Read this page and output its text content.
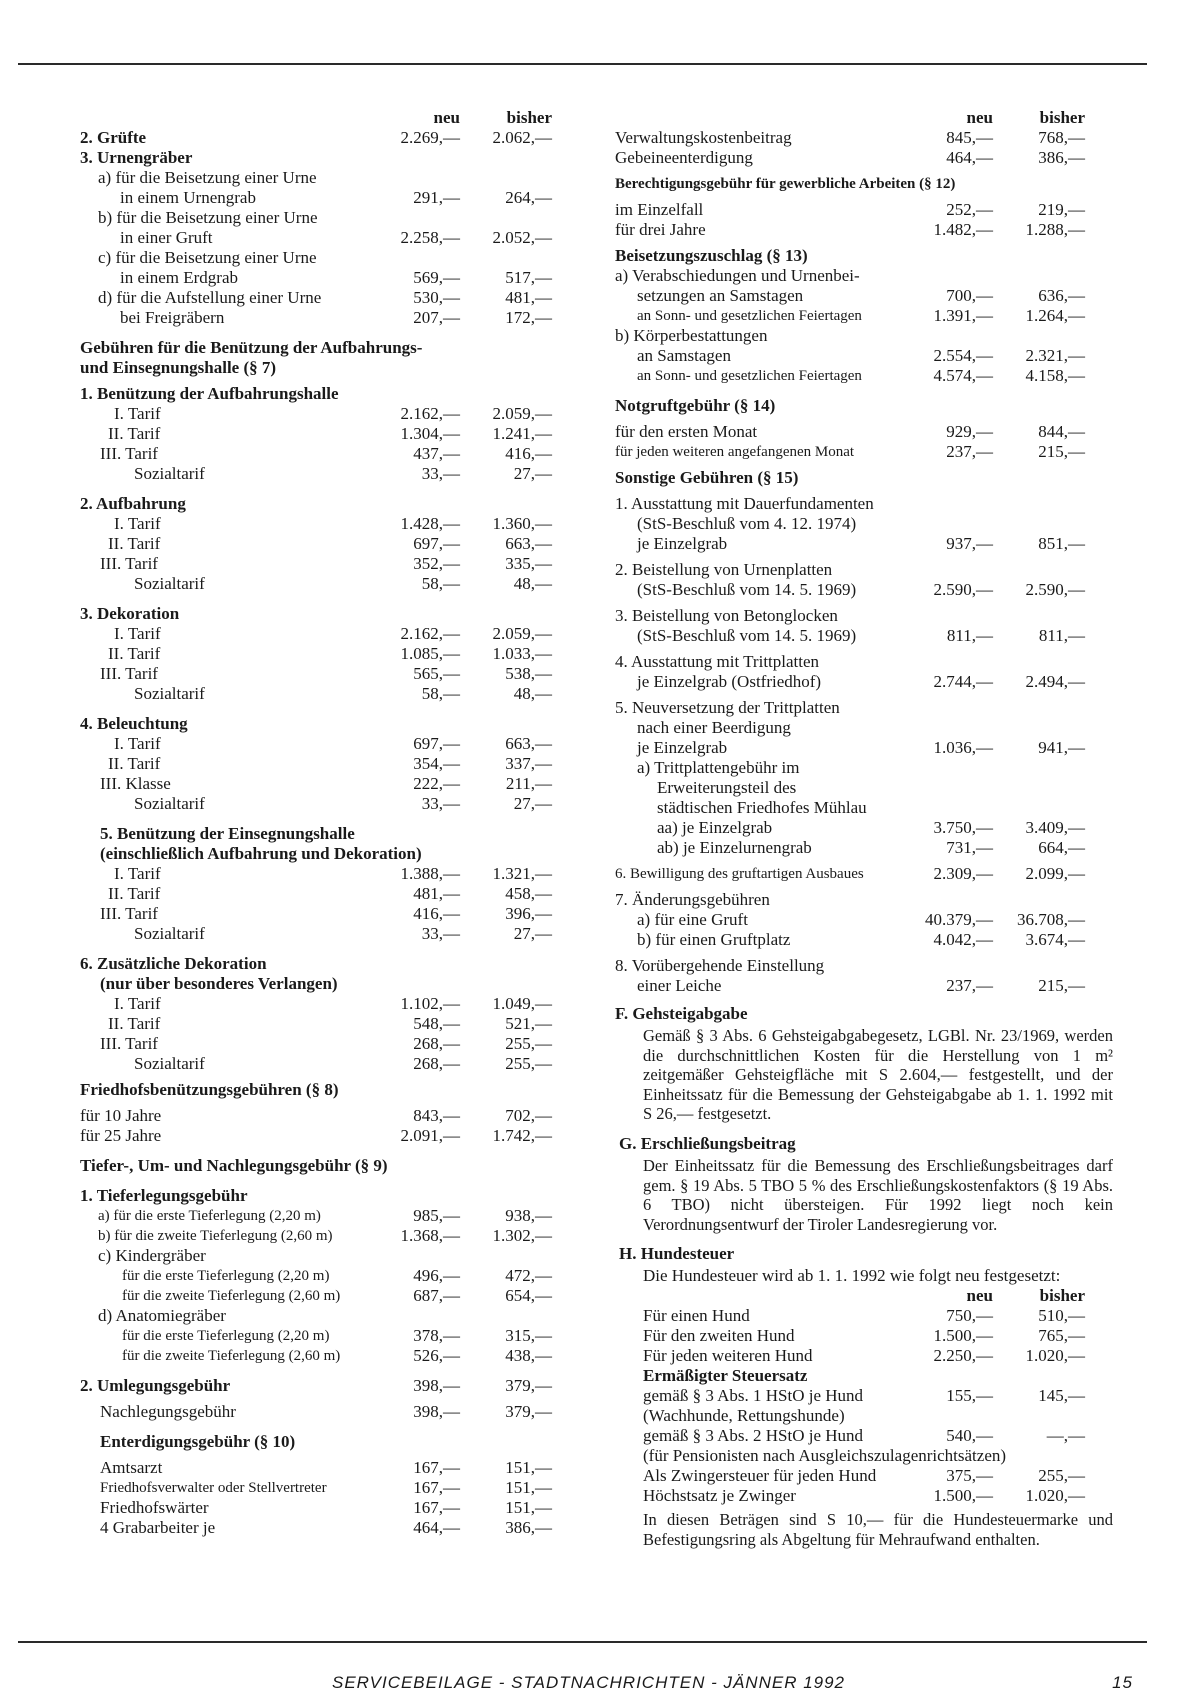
neu	bisher
2. Grüfte	2.269,— 2.062,—
3. Urnengräber
a) für die Beisetzung einer Urne
in einem Urnengrab	291,—	264,—
b) für die Beisetzung einer Urne
in einer Gruft	2.258,— 2.052,—
c) für die Beisetzung einer Urne
in einem Erdgrab	569,—	517,—
d) für die Aufstellung einer Urne	530,—	481,—
bei Freigräbern	207,—	172,—
Gebühren für die Benützung der Aufbahrungs-
und Einsegnungshalle (§ 7)
1. Benützung der Aufbahrungshalle
I. Tarif	2.162,— 2.059,—
II. Tarif	1.304,— 1.241,—
III. Tarif	437,—	416,—
Sozialtarif	33,—	27,—
2. Aufbahrung
I. Tarif	1.428,— 1.360,—
II. Tarif	697,—	663,—
III. Tarif	352,—	335,—
Sozialtarif	58,—	48,—
3. Dekoration
I. Tarif	2.162,— 2.059,—
II. Tarif	1.085,— 1.033,—
III. Tarif	565,—	538,—
Sozialtarif	58,—	48,—
4. Beleuchtung
I. Tarif	697,—	663,—
II. Tarif	354,—	337,—
III. Klasse	222,—	211,—
Sozialtarif	33,—	27,—
5. Benützung der Einsegnungshalle
(einschließlich Aufbahrung und Dekoration)
I. Tarif	1.388,— 1.321,—
II. Tarif	481,—	458,—
III. Tarif	416,—	396,—
Sozialtarif	33,—	27,—
6. Zusätzliche Dekoration
(nur über besonderes Verlangen)
I. Tarif	1.102,— 1.049,—
II. Tarif	548,—	521,—
III. Tarif	268,—	255,—
Sozialtarif	268,—	255,—
Friedhofsbenützungsgebühren (§ 8)
für 10 Jahre	843,—	702,—
für 25 Jahre	2.091,— 1.742,—
Tiefer-, Um- und Nachlegungsgebühr (§ 9)
1. Tieferlegungsgebühr
a) für die erste Tieferlegung (2,20 m)	985,—	938,—
b) für die zweite Tieferlegung (2,60 m)	1.368,— 1.302,—
c) Kindergräber
für die erste Tieferlegung (2,20 m)	496,—	472,—
für die zweite Tieferlegung (2,60 m)	687,—	654,—
d) Anatomiegräber
für die erste Tieferlegung (2,20 m)	378,—	315,—
für die zweite Tieferlegung (2,60 m)	526,—	438,—
2. Umlegungsgebühr	398,—	379,—
Nachlegungsgebühr	398,—	379,—
Enterdigungsgebühr (§ 10)
Amtsarzt	167,—	151,—
Friedhofsverwalter oder Stellvertreter	167,—	151,—
Friedhofswärter	167,—	151,—
4 Grabarbeiter je	464,—	386,—
neu	bisher
Verwaltungskostenbeitrag	845,—	768,—
Gebeineenterdigung	464,—	386,—
Berechtigungsgebühr für gewerbliche Arbeiten (§ 12)
im Einzelfall	252,—	219,—
für drei Jahre	1.482,— 1.288,—
Beisetzungszuschlag (§ 13)
a) Verabschiedungen und Urnenbei-
setzungen an Samstagen	700,—	636,—
an Sonn- und gesetzlichen Feiertagen	1.391,— 1.264,—
b) Körperbestattungen
an Samstagen	2.554,— 2.321,—
an Sonn- und gesetzlichen Feiertagen	4.574,— 4.158,—
Notgruftgebühr (§ 14)
für den ersten Monat	929,—	844,—
für jeden weiteren angefangenen Monat	237,—	215,—
Sonstige Gebühren (§ 15)
1. Ausstattung mit Dauerfundamenten
(StS-Beschluß vom 4. 12. 1974)
je Einzelgrab	937,—	851,—
2. Beistellung von Urnenplatten
(StS-Beschluß vom 14. 5. 1969)	2.590,— 2.590,—
3. Beistellung von Betonglocken
(StS-Beschluß vom 14. 5. 1969)	811,—	811,—
4. Ausstattung mit Trittplatten
je Einzelgrab (Ostfriedhof)	2.744,— 2.494,—
5. Neuversetzung der Trittplatten
nach einer Beerdigung
je Einzelgrab	1.036,—	941,—
a) Trittplattengebühr im
Erweiterungsteil des
städtischen Friedhofes Mühlau
aa) je Einzelgrab	3.750,— 3.409,—
ab) je Einzelurnengrab	731,—	664,—
6. Bewilligung des gruftartigen Ausbaues	2.309,— 2.099,—
7. Änderungsgebühren
a) für eine Gruft	40.379,— 36.708,—
b) für einen Gruftplatz	4.042,— 3.674,—
8. Vorübergehende Einstellung
einer Leiche	237,—	215,—
F. Gehsteigabgabe
Gemäß § 3 Abs. 6 Gehsteigabgabegesetz, LGBl. Nr. 23/1969, werden die durchschnittlichen Kosten für die Herstellung von 1 m² zeitgemäßer Gehsteigfläche mit S 2.604,— festgestellt, und der Einheitssatz für die Bemessung der Gehsteigabgabe ab 1. 1. 1992 mit S 26,— festgesetzt.
G. Erschließungsbeitrag
Der Einheitssatz für die Bemessung des Erschließungsbeitrages darf gem. § 19 Abs. 5 TBO 5 % des Erschließungskostenfaktors (§ 19 Abs. 6 TBO) nicht übersteigen. Für 1992 liegt noch kein Verordnungsentwurf der Tiroler Landesregierung vor.
H. Hundesteuer
Die Hundesteuer wird ab 1. 1. 1992 wie folgt neu festgesetzt:
neu	bisher
Für einen Hund	750,—	510,—
Für den zweiten Hund	1.500,—	765,—
Für jeden weiteren Hund	2.250,— 1.020,—
Ermäßigter Steuersatz
gemäß § 3 Abs. 1 HStO je Hund	155,—	145,—
(Wachhunde, Rettungshunde)
gemäß § 3 Abs. 2 HStO je Hund	540,—	—,—
(für Pensionisten nach Ausgleichszulagenrichtsätzen)
Als Zwingersteuer für jeden Hund	375,—	255,—
Höchstsatz je Zwinger	1.500,— 1.020,—
In diesen Beträgen sind S 10,— für die Hundesteuermarke und Befestigungsring als Abgeltung für Mehraufwand enthalten.
SERVICEBEILAGE - STADTNACHRICHTEN - JÄNNER 1992	15
